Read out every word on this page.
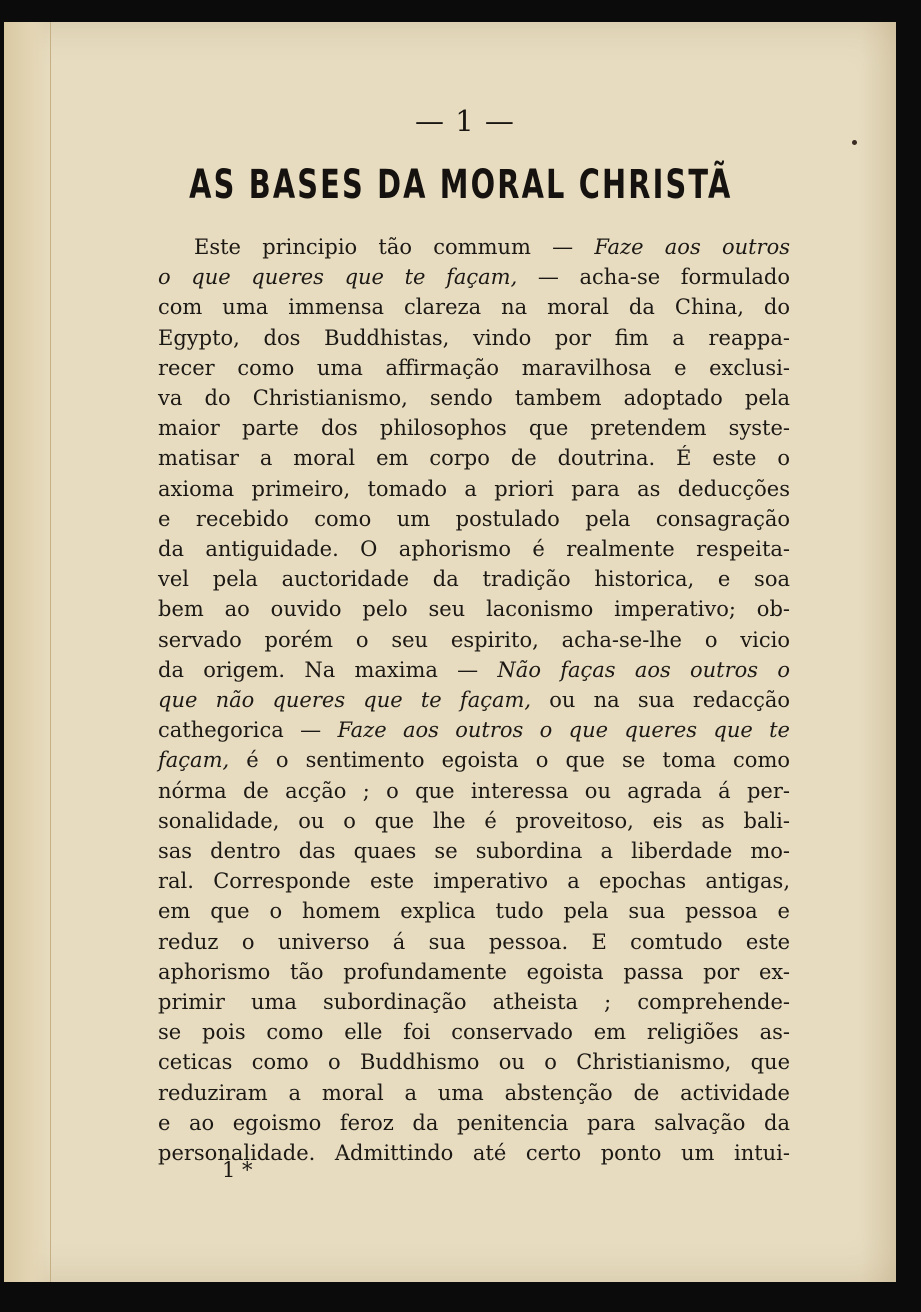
— 1 —
AS BASES DA MORAL CHRISTÃ
Este principio tão commum — Faze aos outros
o que queres que te façam, — acha-se formulado
com uma immensa clareza na moral da China, do
Egypto, dos Buddhistas, vindo por fim a reappa-
recer como uma affirmação maravilhosa e exclusi-
va do Christianismo, sendo tambem adoptado pela
maior parte dos philosophos que pretendem syste-
matisar a moral em corpo de doutrina. É este o
axioma primeiro, tomado a priori para as deducções
e recebido como um postulado pela consagração
da antiguidade. O aphorismo é realmente respeita-
vel pela auctoridade da tradição historica, e soa
bem ao ouvido pelo seu laconismo imperativo; ob-
servado porém o seu espirito, acha-se-lhe o vicio
da origem. Na maxima — Não faças aos outros o
que não queres que te façam, ou na sua redacção
cathegorica — Faze aos outros o que queres que te
façam, é o sentimento egoista o que se toma como
nórma de acção ; o que interessa ou agrada á per-
sonalidade, ou o que lhe é proveitoso, eis as bali-
sas dentro das quaes se subordina a liberdade mo-
ral. Corresponde este imperativo a epochas antigas,
em que o homem explica tudo pela sua pessoa e
reduz o universo á sua pessoa. E comtudo este
aphorismo tão profundamente egoista passa por ex-
primir uma subordinação atheista ; comprehende-
se pois como elle foi conservado em religiões as-
ceticas como o Buddhismo ou o Christianismo, que
reduziram a moral a uma abstenção de actividade
e ao egoismo feroz da penitencia para salvação da
personalidade. Admittindo até certo ponto um intui-
1 *
